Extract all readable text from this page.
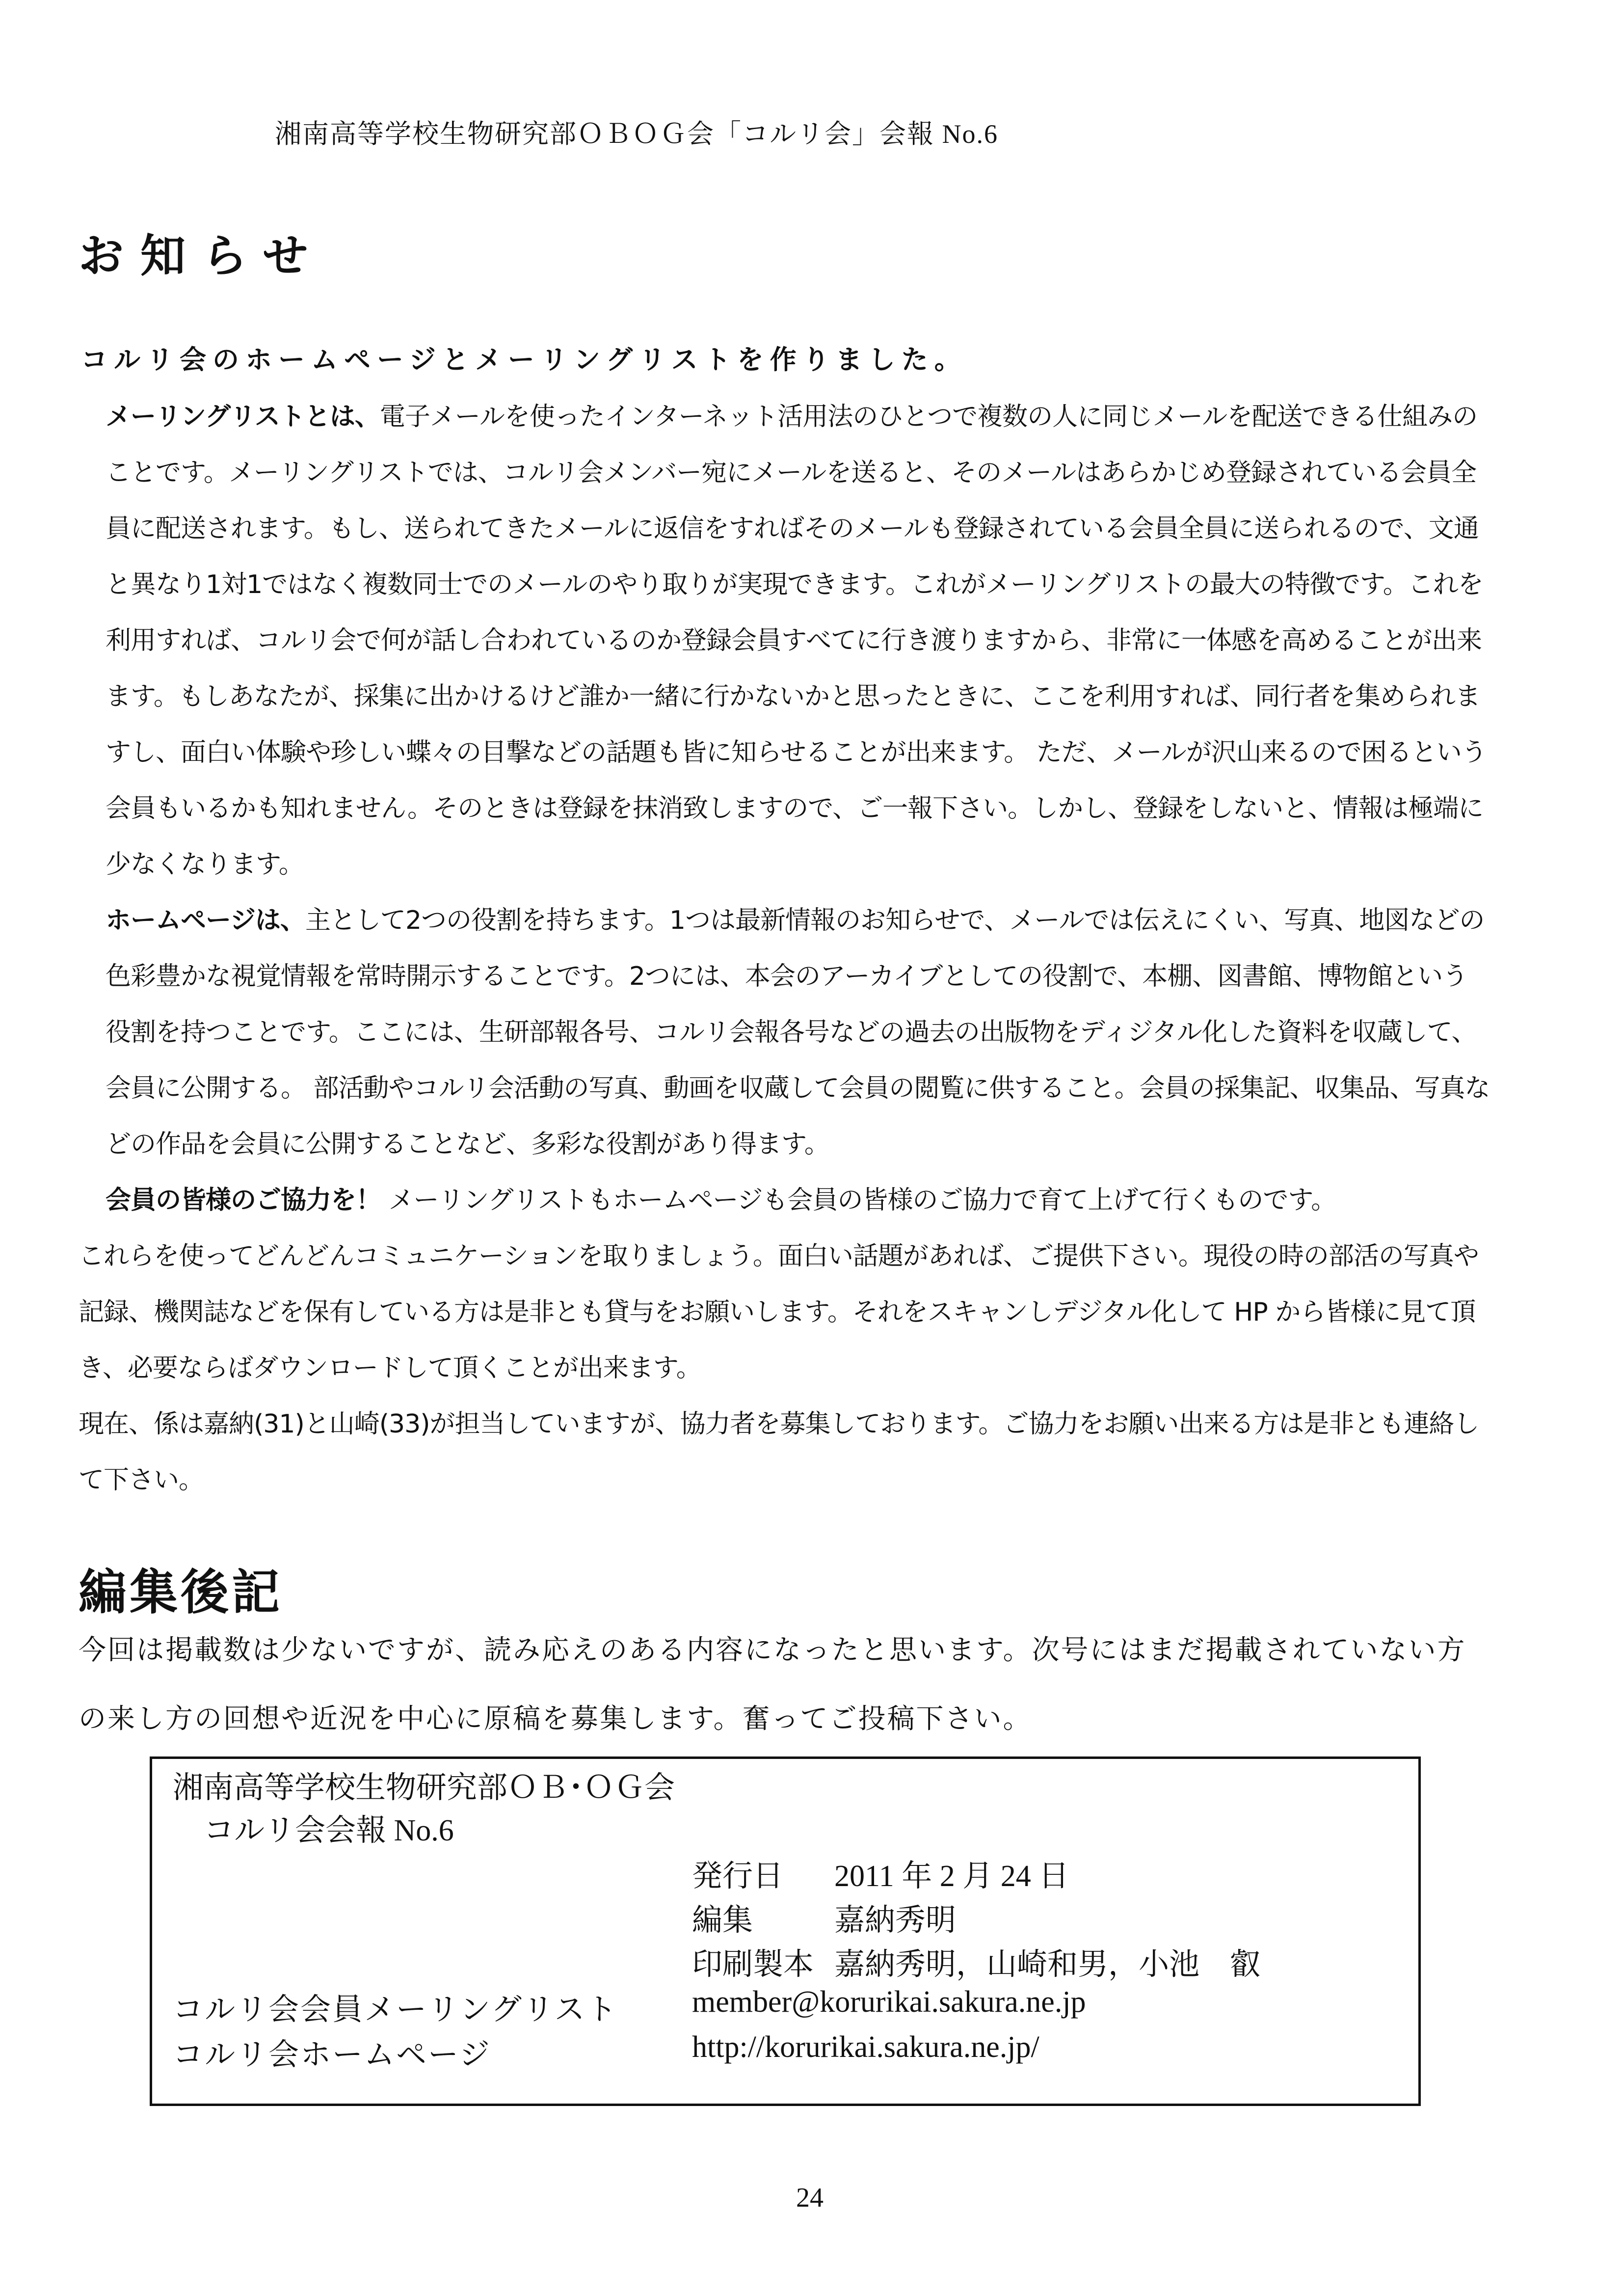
湘南高等学校生物研究部ＯＢＯＧ会「コルリ会」会報 No.6
お知らせ
コルリ会のホームページとメーリングリストを作りました。

メーリングリストとは、電子メールを使ったインターネット活用法のひとつで複数の人に同じメールを配送できる仕組みのことです。メーリングリストでは、コルリ会メンバー宛にメールを送ると、そのメールはあらかじめ登録されている会員全員に配送されます。もし、送られてきたメールに返信をすればそのメールも登録されている会員全員に送られるので、文通と異なり1対1ではなく複数同士でのメールのやり取りが実現できます。これがメーリングリストの最大の特徴です。これを利用すれば、コルリ会で何が話し合われているのか登録会員すべてに行き渡りますから、非常に一体感を高めることが出来ます。もしあなたが、採集に出かけるけど誰か一緒に行かないかと思ったときに、ここを利用すれば、同行者を集められますし、面白い体験や珍しい蝶々の目撃などの話題も皆に知らせることが出来ます。 ただ、メールが沢山来るので困るという会員もいるかも知れません。そのときは登録を抹消致しますので、ご一報下さい。しかし、登録をしないと、情報は極端に少なくなります。

ホームページは、主として2つの役割を持ちます。1つは最新情報のお知らせで、メールでは伝えにくい、写真、地図などの色彩豊かな視覚情報を常時開示することです。2つには、本会のアーカイブとしての役割で、本棚、図書館、博物館という役割を持つことです。ここには、生研部報各号、コルリ会報各号などの過去の出版物をディジタル化した資料を収蔵して、会員に公開する。 部活動やコルリ会活動の写真、動画を収蔵して会員の閲覧に供すること。会員の採集記、収集品、写真などの作品を会員に公開することなど、多彩な役割があり得ます。

会員の皆様のご協力を！ メーリングリストもホームページも会員の皆様のご協力で育て上げて行くものです。

これらを使ってどんどんコミュニケーションを取りましょう。面白い話題があれば、ご提供下さい。現役の時の部活の写真や記録、機関誌などを保有している方は是非とも貸与をお願いします。それをスキャンしデジタル化して HP から皆様に見て頂き、必要ならばダウンロードして頂くことが出来ます。

現在、係は嘉納(31)と山崎(33)が担当していますが、協力者を募集しております。ご協力をお願い出来る方は是非とも連絡して下さい。

編集後記

今回は掲載数は少ないですが、読み応えのある内容になったと思います。次号にはまだ掲載されていない方の来し方の回想や近況を中心に原稿を募集します。奮ってご投稿下さい。

湘南高等学校生物研究部ＯＢ･ＯＧ会
コルリ会会報 No.6
発行日 2011 年 2 月 24 日
編集	嘉納秀明
印刷製本 嘉納秀明，山崎和男，小池　叡
コルリ会会員メーリングリスト member@korurikai.sakura.ne.jp
コルリ会ホームページ	http://korurikai.sakura.ne.jp/
24
